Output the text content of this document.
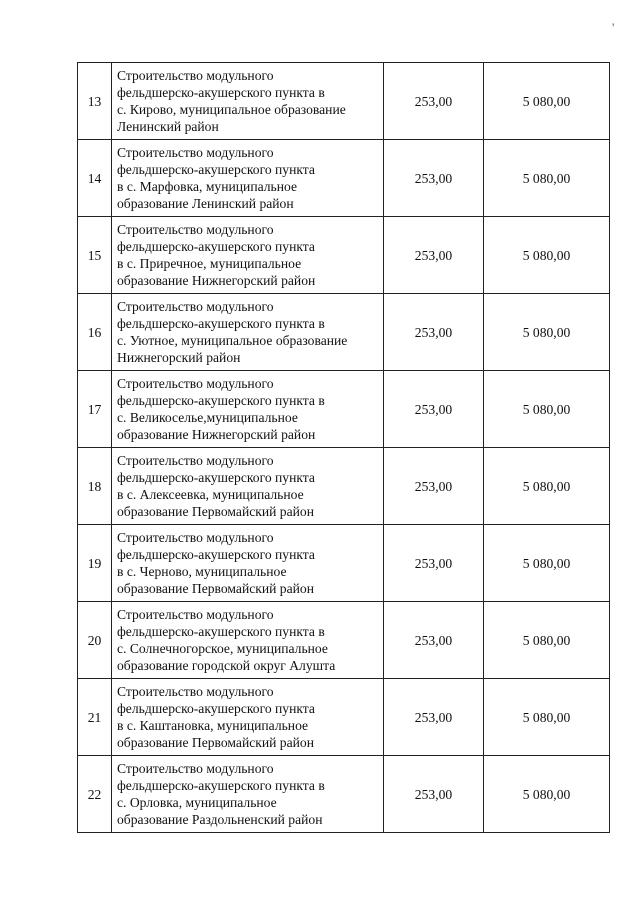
'
13	Строительство модульного
фельдшерско-акушерского пункта в
с. Кирово, муниципальное образование
Ленинский район	253,00	5 080,00
14	Строительство модульного
фельдшерско-акушерского пункта
в с. Марфовка, муниципальное
образование Ленинский район	253,00	5 080,00
15	Строительство модульного
фельдшерско-акушерского пункта
в с. Приречное, муниципальное
образование Нижнегорский район	253,00	5 080,00
16	Строительство модульного
фельдшерско-акушерского пункта в
с. Уютное, муниципальное образование
Нижнегорский район	253,00	5 080,00
17	Строительство модульного
фельдшерско-акушерского пункта в
с. Великоселье,муниципальное
образование Нижнегорский район	253,00	5 080,00
18	Строительство модульного
фельдшерско-акушерского пункта
в с. Алексеевка, муниципальное
образование Первомайский район	253,00	5 080,00
19	Строительство модульного
фельдшерско-акушерского пункта
в с. Черново, муниципальное
образование Первомайский район	253,00	5 080,00
20	Строительство модульного
фельдшерско-акушерского пункта в
с. Солнечногорское, муниципальное
образование городской округ Алушта	253,00	5 080,00
21	Строительство модульного
фельдшерско-акушерского пункта
в с. Каштановка, муниципальное
образование Первомайский район	253,00	5 080,00
22	Строительство модульного
фельдшерско-акушерского пункта в
с. Орловка, муниципальное
образование Раздольненский район	253,00	5 080,00
